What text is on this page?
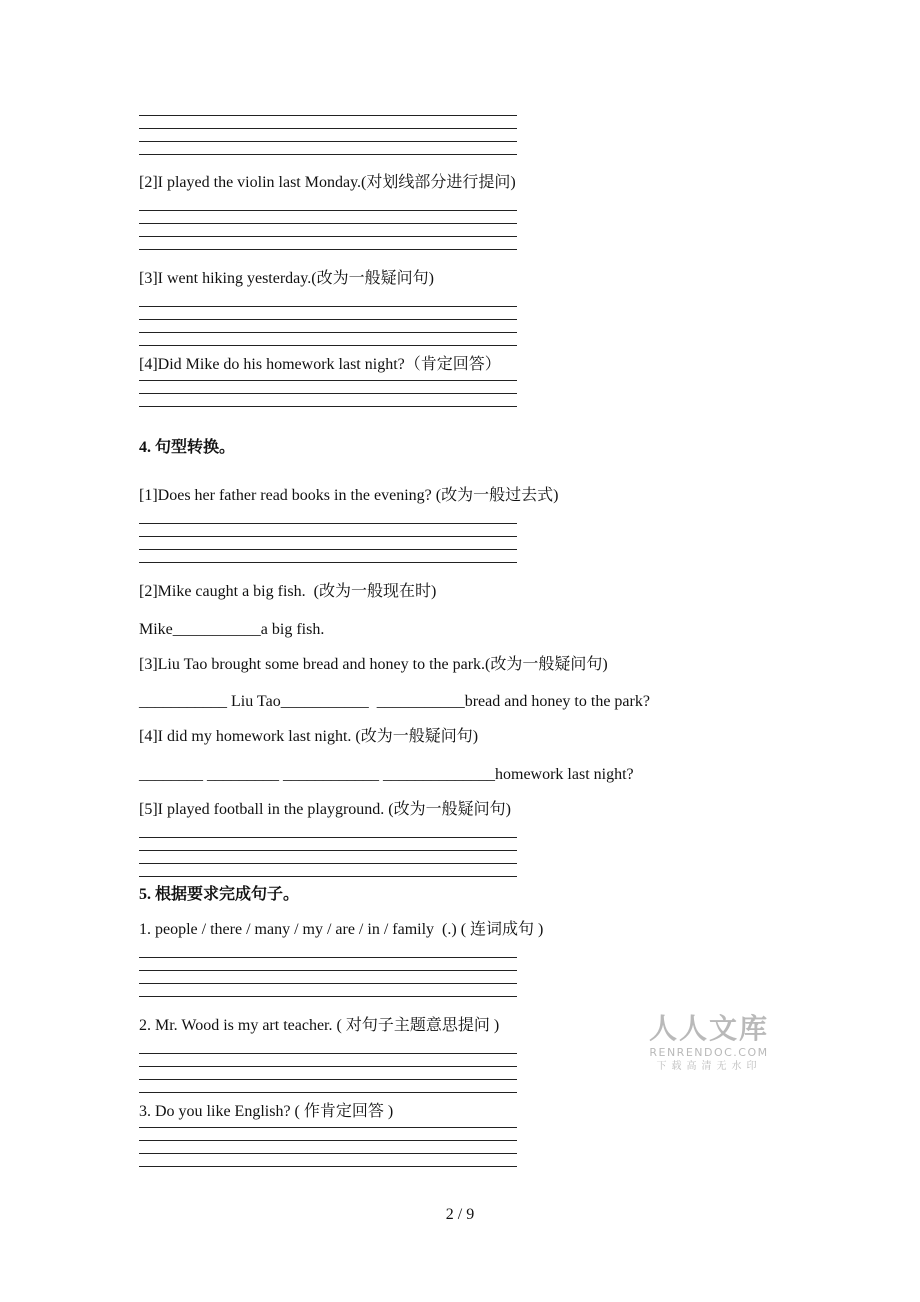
[2]I played the violin last Monday.(对划线部分进行提问)
[3]I went hiking yesterday.(改为一般疑问句)
[4]Did Mike do his homework last night?（肯定回答）
4. 句型转换。
[1]Does her father read books in the evening? (改为一般过去式)
[2]Mike caught a big fish.  (改为一般现在时)
Mike___________a big fish.
[3]Liu Tao brought some bread and honey to the park.(改为一般疑问句)
___________ Liu Tao___________  ___________bread and honey to the park?
[4]I did my homework last night. (改为一般疑问句)
________ _________ ____________ ______________homework last night?
[5]I played football in the playground. (改为一般疑问句)
5. 根据要求完成句子。
1. people / there / many / my / are / in / family  (.) ( 连词成句 )
2. Mr. Wood is my art teacher. ( 对句子主题意思提问 )
3. Do you like English? ( 作肯定回答 )
人人文库
RENRENDOC.COM
下载高清无水印
2 / 9
